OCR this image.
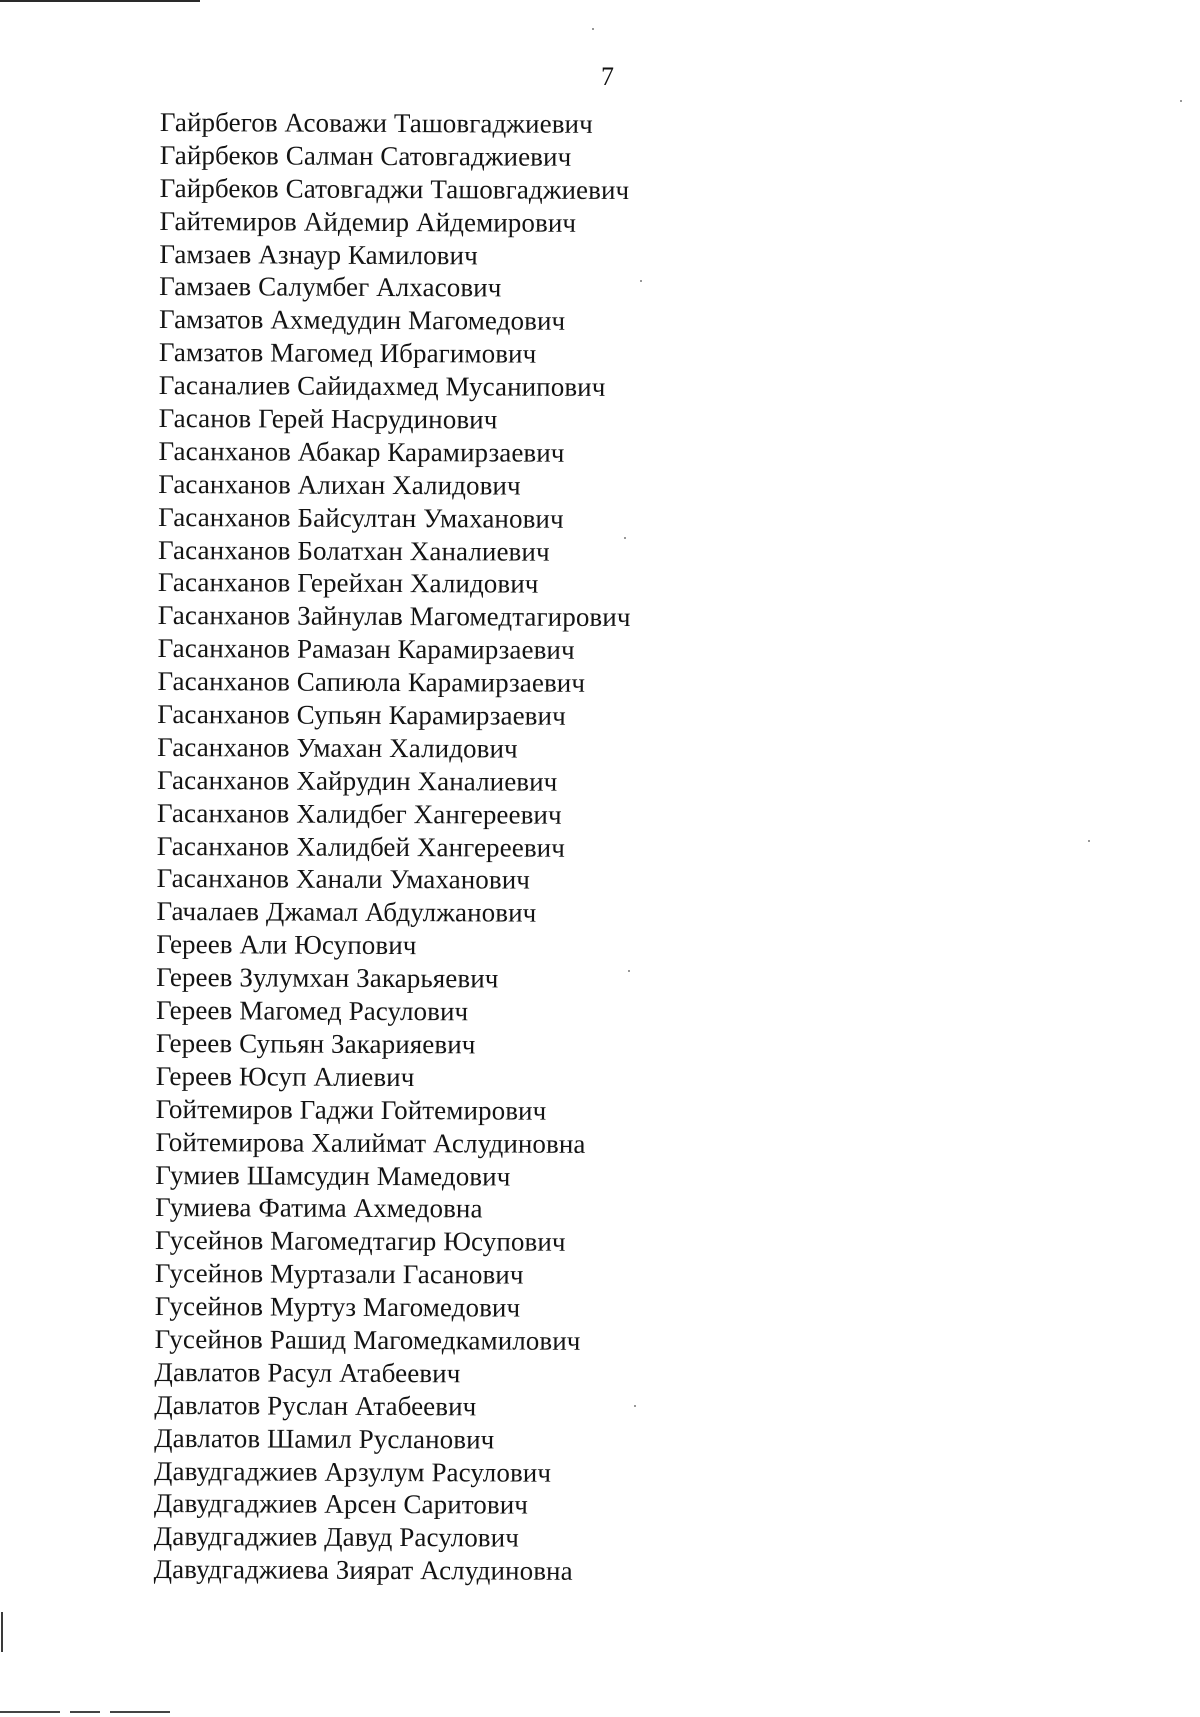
7
Гайрбегов Асоважи Ташовгаджиевич
Гайрбеков Салман Сатовгаджиевич
Гайрбеков Сатовгаджи Ташовгаджиевич
Гайтемиров Айдемир Айдемирович
Гамзаев Азнаур Камилович
Гамзаев Салумбег Алхасович
Гамзатов Ахмедудин Магомедович
Гамзатов Магомед Ибрагимович
Гасаналиев Сайидахмед Мусанипович
Гасанов Герей Насрудинович
Гасанханов Абакар Карамирзаевич
Гасанханов Алихан Халидович
Гасанханов Байсултан Умаханович
Гасанханов Болатхан Ханалиевич
Гасанханов Герейхан Халидович
Гасанханов Зайнулав Магомедтагирович
Гасанханов Рамазан Карамирзаевич
Гасанханов Сапиюла Карамирзаевич
Гасанханов Супьян Карамирзаевич
Гасанханов Умахан Халидович
Гасанханов Хайрудин Ханалиевич
Гасанханов Халидбег Хангереевич
Гасанханов Халидбей Хангереевич
Гасанханов Ханали Умаханович
Гачалаев Джамал Абдулжанович
Гереев Али Юсупович
Гереев Зулумхан Закарьяевич
Гереев Магомед Расулович
Гереев Супьян Закарияевич
Гереев Юсуп Алиевич
Гойтемиров Гаджи Гойтемирович
Гойтемирова Халиймат Аслудиновна
Гумиев Шамсудин Мамедович
Гумиева Фатима Ахмедовна
Гусейнов Магомедтагир Юсупович
Гусейнов Муртазали Гасанович
Гусейнов Муртуз Магомедович
Гусейнов Рашид Магомедкамилович
Давлатов Расул Атабеевич
Давлатов Руслан Атабеевич
Давлатов Шамил Русланович
Давудгаджиев Арзулум Расулович
Давудгаджиев Арсен Саритович
Давудгаджиев Давуд Расулович
Давудгаджиева Зиярат Аслудиновна
